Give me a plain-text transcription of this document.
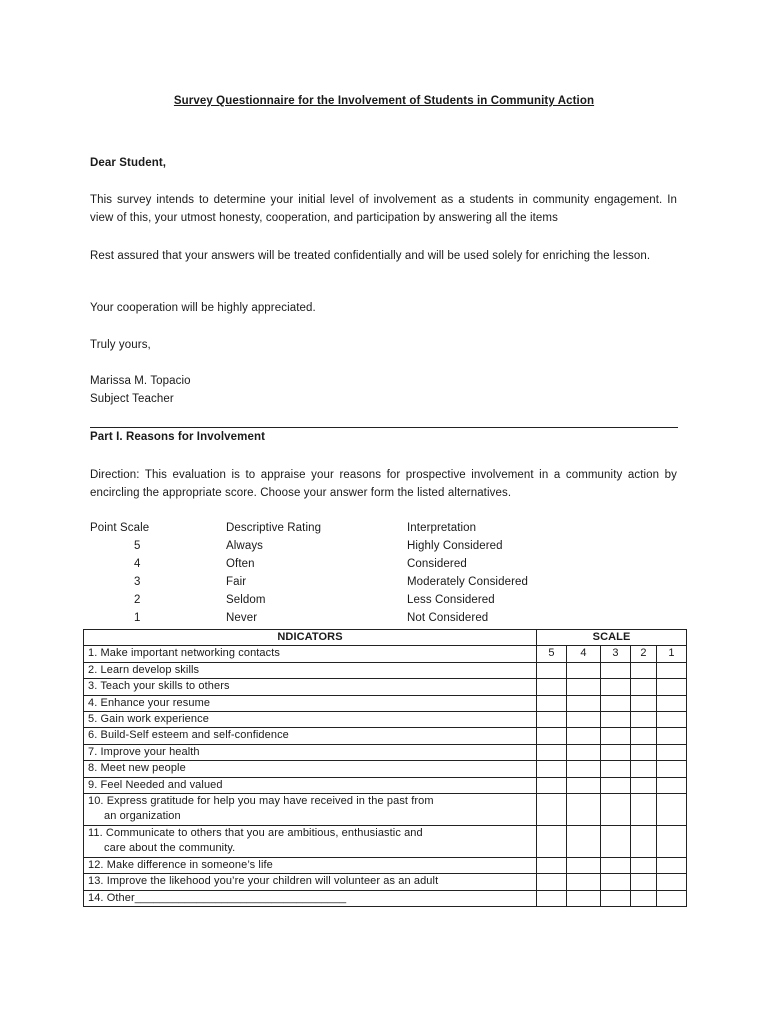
Survey Questionnaire for the Involvement of Students in Community Action
Dear Student,
This survey intends to determine your initial level of involvement as a students in community engagement. In view of this, your utmost honesty, cooperation, and participation by answering all the items
Rest assured that your answers will be treated confidentially and will be used solely for enriching the lesson.
Your cooperation will be highly appreciated.
Truly yours,
Marissa M. Topacio
Subject Teacher
Part I. Reasons for Involvement
Direction: This evaluation is to appraise your reasons for prospective involvement in a community action by encircling the appropriate score. Choose your answer form the listed alternatives.
Point Scale	Descriptive Rating	Interpretation
5	Always	Highly Considered
4	Often	Considered
3	Fair	Moderately Considered
2	Seldom	Less Considered
1	Never	Not Considered
NDICATORS	SCALE				
1. Make important networking contacts	5	4	3	2	1
2. Learn develop skills					
3. Teach your skills to others					
4. Enhance your resume					
5. Gain work experience					
6. Build-Self esteem and self-confidence					
7. Improve your health					
8. Meet new people					
9. Feel Needed and valued					
10. Express gratitude for help you may have received in the past from
an organization					

11. Communicate to others that you are ambitious, enthusiastic and
care about the community.					

12. Make difference in someone’s life					
13. Improve the likehood you’re your children will volunteer as an adult					
14. Other__________________________________					
